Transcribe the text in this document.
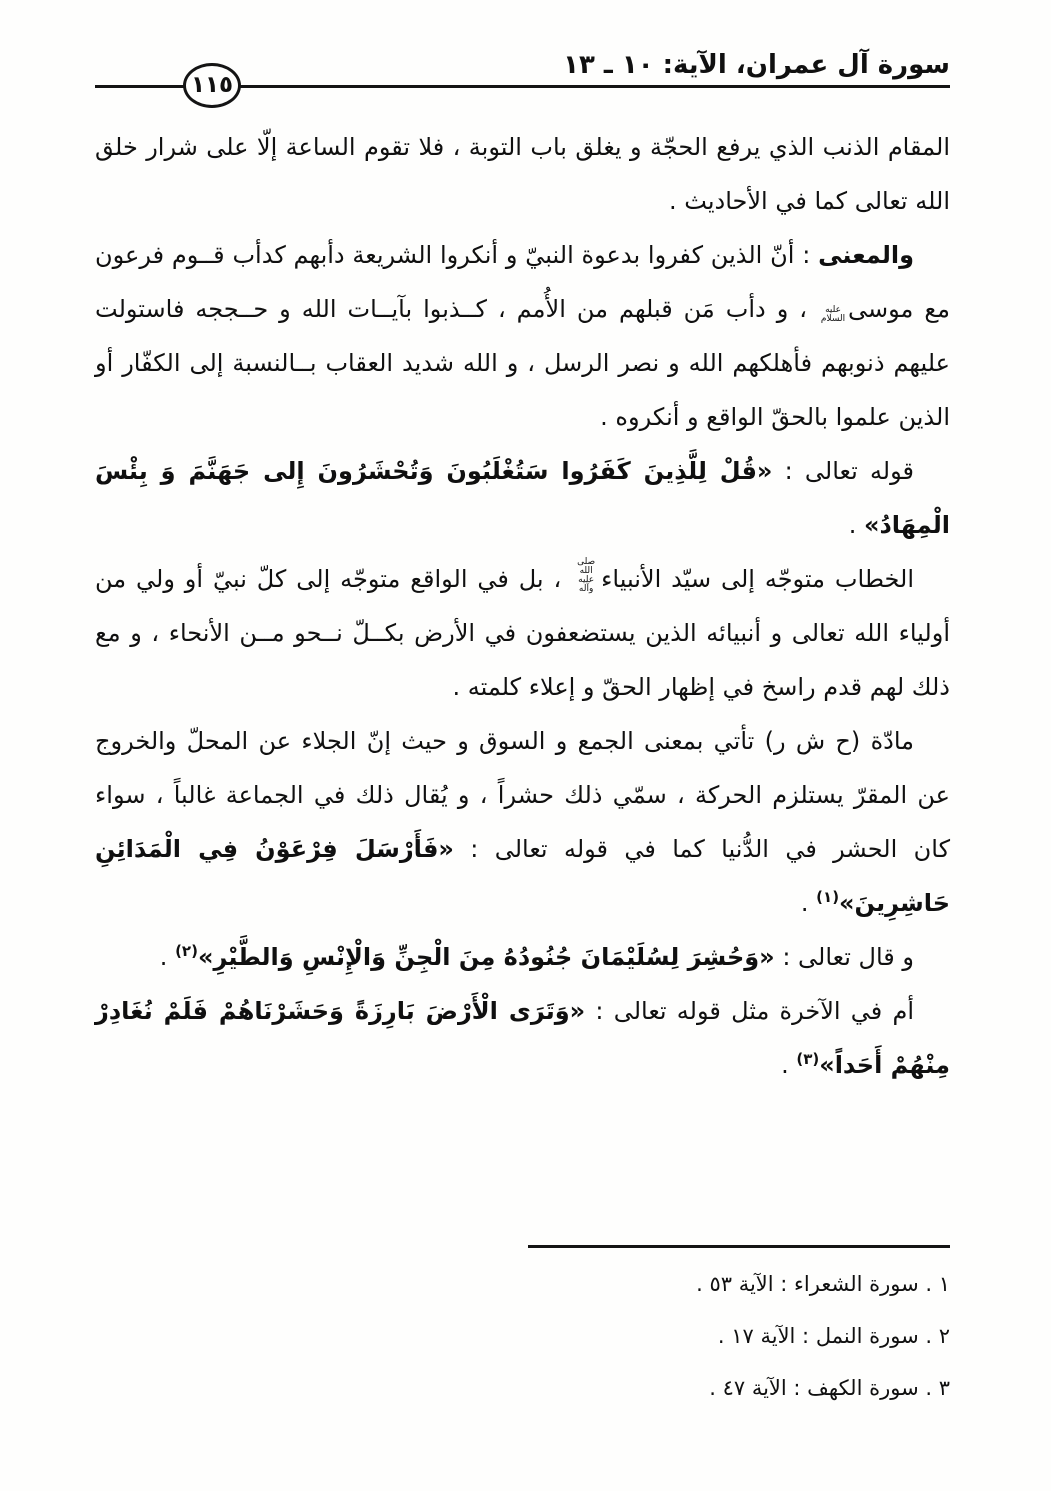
سورة آل عمران، الآية: ١٠ ـ ١٣
١١٥

المقام الذنب الذي يرفع الحجّة و يغلق باب التوبة ، فلا تقوم الساعة إلّا على شرار خلق الله تعالى كما في الأحاديث .

والمعنى : أنّ الذين كفروا بدعوة النبيّ و أنكروا الشريعة دأبهم كدأب قــوم فرعون مع موسىعليه السلام ، و دأب مَن قبلهم من الأُمم ، كــذبوا بآيــات الله و حــججه فاستولت عليهم ذنوبهم فأهلكهم الله و نصر الرسل ، و الله شديد العقاب بــالنسبة إلى الكفّار أو الذين علموا بالحقّ الواقع و أنكروه .

قوله تعالى : «قُلْ لِلَّذِينَ كَفَرُوا سَتُغْلَبُونَ وَتُحْشَرُونَ إِلى جَهَنَّمَ وَ بِئْسَ الْمِهَادُ» .

الخطاب متوجّه إلى سيّد الأنبياءصلى الله عليه وآله ، بل في الواقع متوجّه إلى كلّ نبيّ أو ولي من أولياء الله تعالى و أنبيائه الذين يستضعفون في الأرض بكــلّ نــحو مــن الأنحاء ، و مع ذلك لهم قدم راسخ في إظهار الحقّ و إعلاء كلمته .

مادّة (ح ش ر) تأتي بمعنى الجمع و السوق و حيث إنّ الجلاء عن المحلّ والخروج عن المقرّ يستلزم الحركة ، سمّي ذلك حشراً ، و يُقال ذلك في الجماعة غالباً ، سواء كان الحشر في الدُّنيا كما في قوله تعالى : «فَأَرْسَلَ فِرْعَوْنُ فِي الْمَدَائِنِ حَاشِرِينَ»$^{(١)}$ .

و قال تعالى : «وَحُشِرَ لِسُلَيْمَانَ جُنُودُهُ مِنَ الْجِنِّ وَالْإِنْسِ وَالطَّيْرِ»$^{(٢)}$ .

أم في الآخرة مثل قوله تعالى : «وَتَرَى الْأَرْضَ بَارِزَةً وَحَشَرْنَاهُمْ فَلَمْ نُغَادِرْ مِنْهُمْ أَحَداً»$^{(٣)}$ .

١ . سورة الشعراء : الآية ٥٣ .

٢ . سورة النمل : الآية ١٧ .

٣ . سورة الكهف : الآية ٤٧ .
